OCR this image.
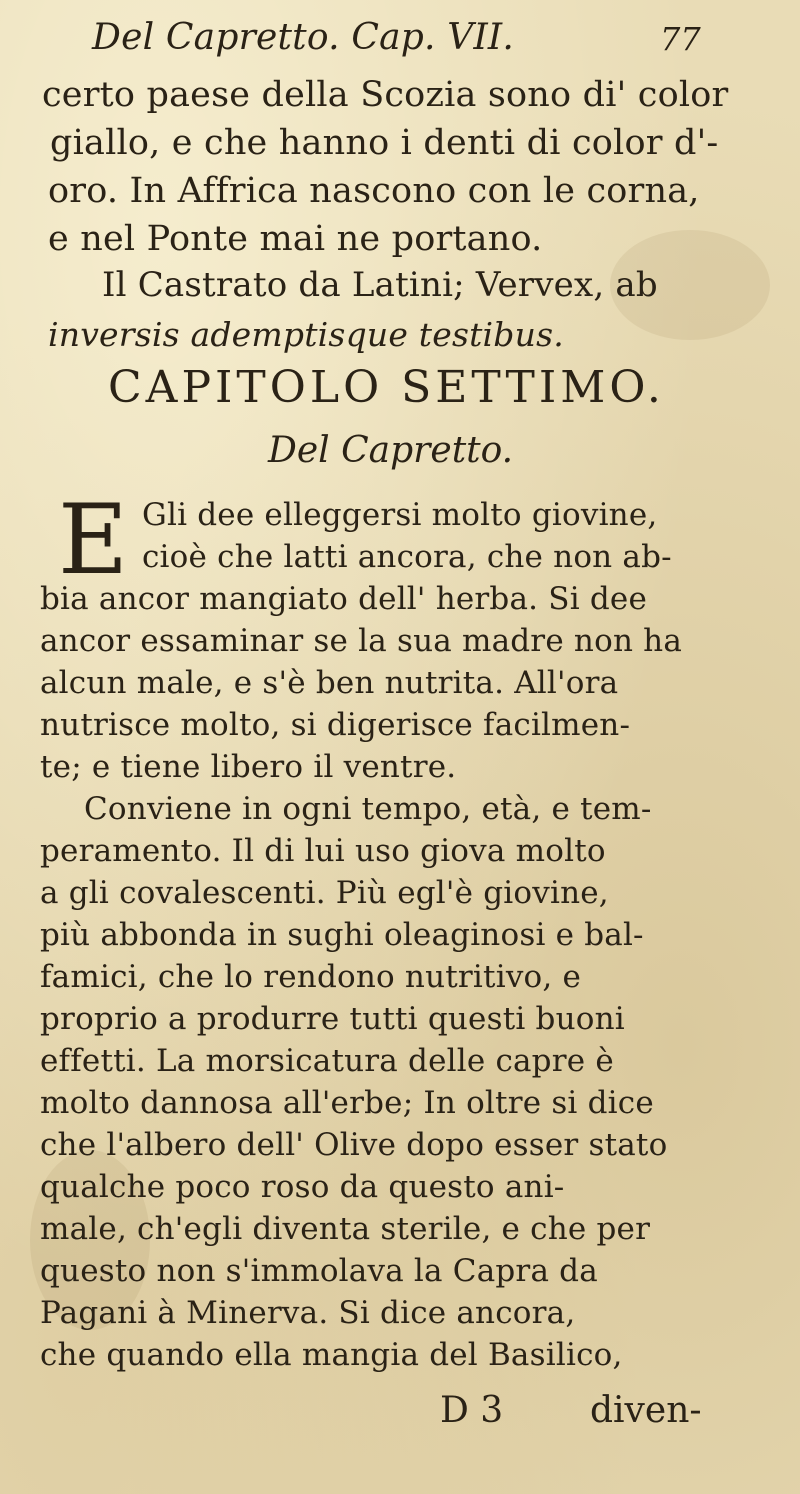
Del Capretto. Cap. VII.	77
certo paese della Scozia sono di' color
giallo, e che hanno i denti di color d'-
oro. In Affrica nascono con le corna,
e nel Ponte mai ne portano.
Il Castrato da Latini; Vervex, ab
inversis ademptisque testibus.
CAPITOLO SETTIMO.
Del Capretto.
E Gli dee elleggersi molto giovine,
cioè che latti ancora, che non ab-
bia ancor mangiato dell' herba. Si dee
ancor essaminar se la sua madre non ha
alcun male, e s'è ben nutrita. All'ora
nutrisce molto, si digerisce facilmen-
te; e tiene libero il ventre.
Conviene in ogni tempo, età, e tem-
peramento. Il di lui uso giova molto
a gli covalescenti. Più egl'è giovine,
più abbonda in sughi oleaginosi e bal-
famici, che lo rendono nutritivo, e
proprio a produrre tutti questi buoni
effetti. La morsicatura delle capre è
molto dannosa all'erbe; In oltre si dice
che l'albero dell' Olive dopo esser stato
qualche poco roso da questo ani-
male, ch'egli diventa sterile, e che per
questo non s'immolava la Capra da
Pagani à Minerva. Si dice ancora,
che quando ella mangia del Basilico,
D 3 diven-
